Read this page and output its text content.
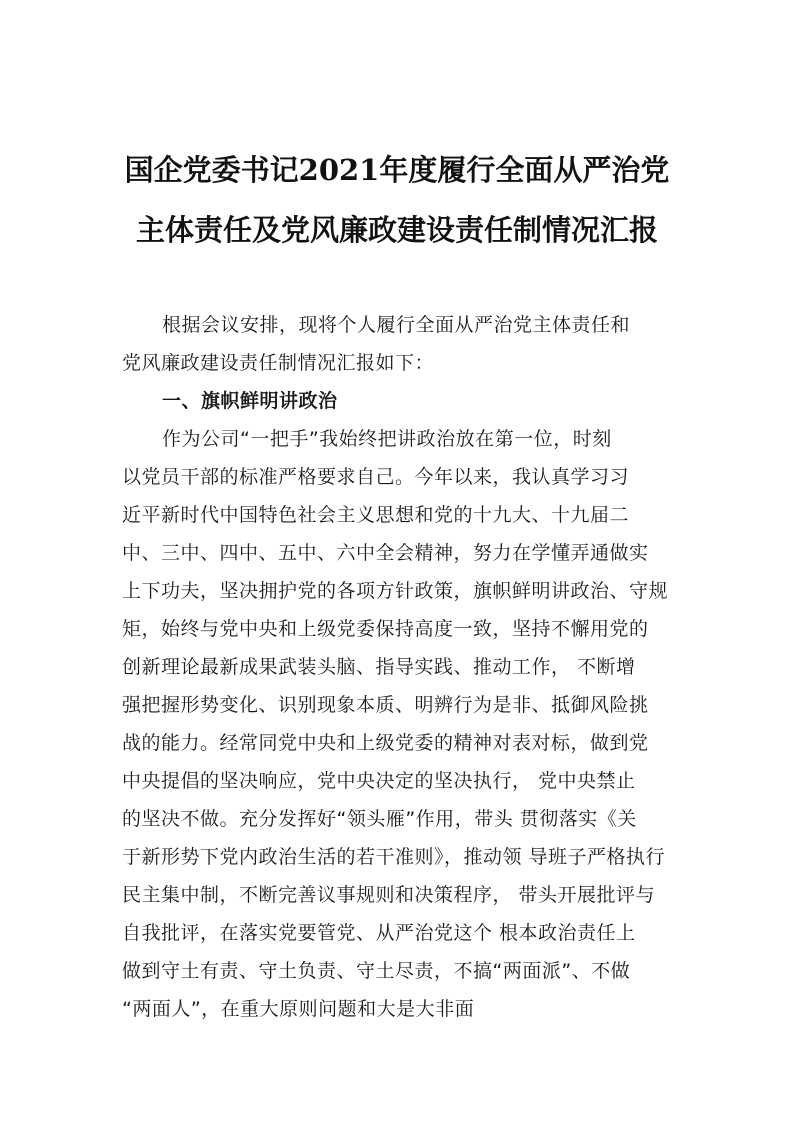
国企党委书记2021年度履行全面从严治党
主体责任及党风廉政建设责任制情况汇报
根据会议安排，现将个人履行全面从严治党主体责任和
党风廉政建设责任制情况汇报如下：
一、旗帜鲜明讲政治
作为公司“一把手”我始终把讲政治放在第一位，时刻
以党员干部的标准严格要求自己。今年以来，我认真学习习
近平新时代中国特色社会主义思想和党的十九大、十九届二
中、三中、四中、五中、六中全会精神，努力在学懂弄通做实
上下功夫，坚决拥护党的各项方针政策，旗帜鲜明讲政治、守规
矩，始终与党中央和上级党委保持高度一致，坚持不懈用党的
创新理论最新成果武装头脑、指导实践、推动工作， 不断增
强把握形势变化、识别现象本质、明辨行为是非、抵御风险挑
战的能力。经常同党中央和上级党委的精神对表对标，做到党
中央提倡的坚决响应，党中央决定的坚决执行， 党中央禁止
的坚决不做。充分发挥好“领头雁”作用，带头 贯彻落实《关
于新形势下党内政治生活的若干准则》，推动领 导班子严格执行
民主集中制，不断完善议事规则和决策程序， 带头开展批评与
自我批评，在落实党要管党、从严治党这个 根本政治责任上
做到守土有责、守土负责、守土尽责，不搞“两面派”、不做
“两面人”，在重大原则问题和大是大非面
